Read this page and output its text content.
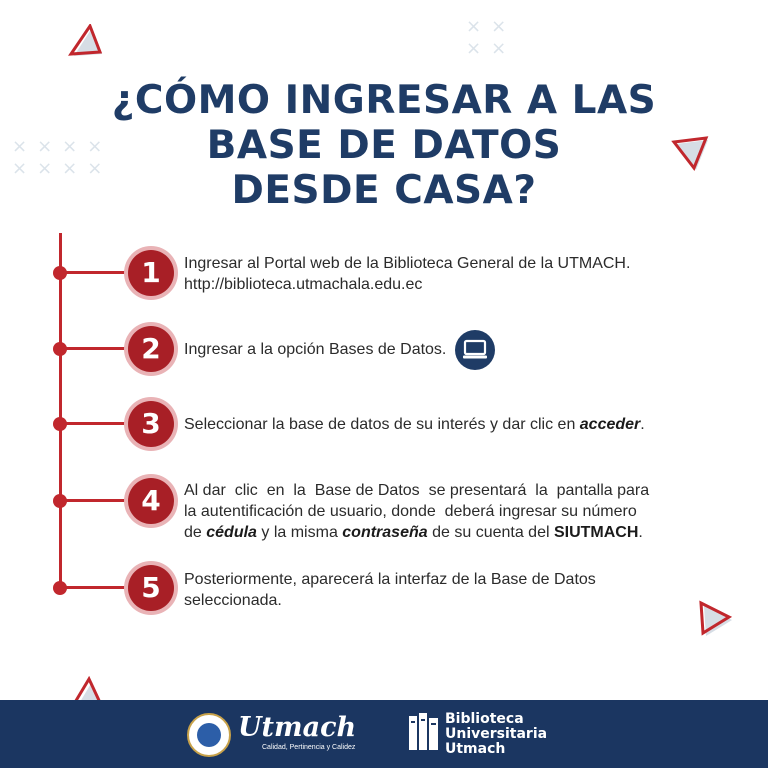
××
××
××××
××××
¿CÓMO INGRESAR A LAS
BASE DE DATOS
DESDE CASA?
1	Ingresar al Portal web de la Biblioteca General de la UTMACH.
http://biblioteca.utmachala.edu.ec
2	Ingresar a la opción Bases de Datos.
3	Seleccionar la base de datos de su interés y dar clic en acceder.
4	Al dar  clic  en  la  Base de Datos  se presentará  la  pantalla para
la autentificación de usuario, donde  deberá ingresar su número
de cédula y la misma contraseña de su cuenta del SIUTMACH.
5	Posteriormente, aparecerá la interfaz de la Base de Datos
seleccionada.
Utmach
Calidad, Pertinencia y Calidez
Biblioteca
Universitaria
Utmach
